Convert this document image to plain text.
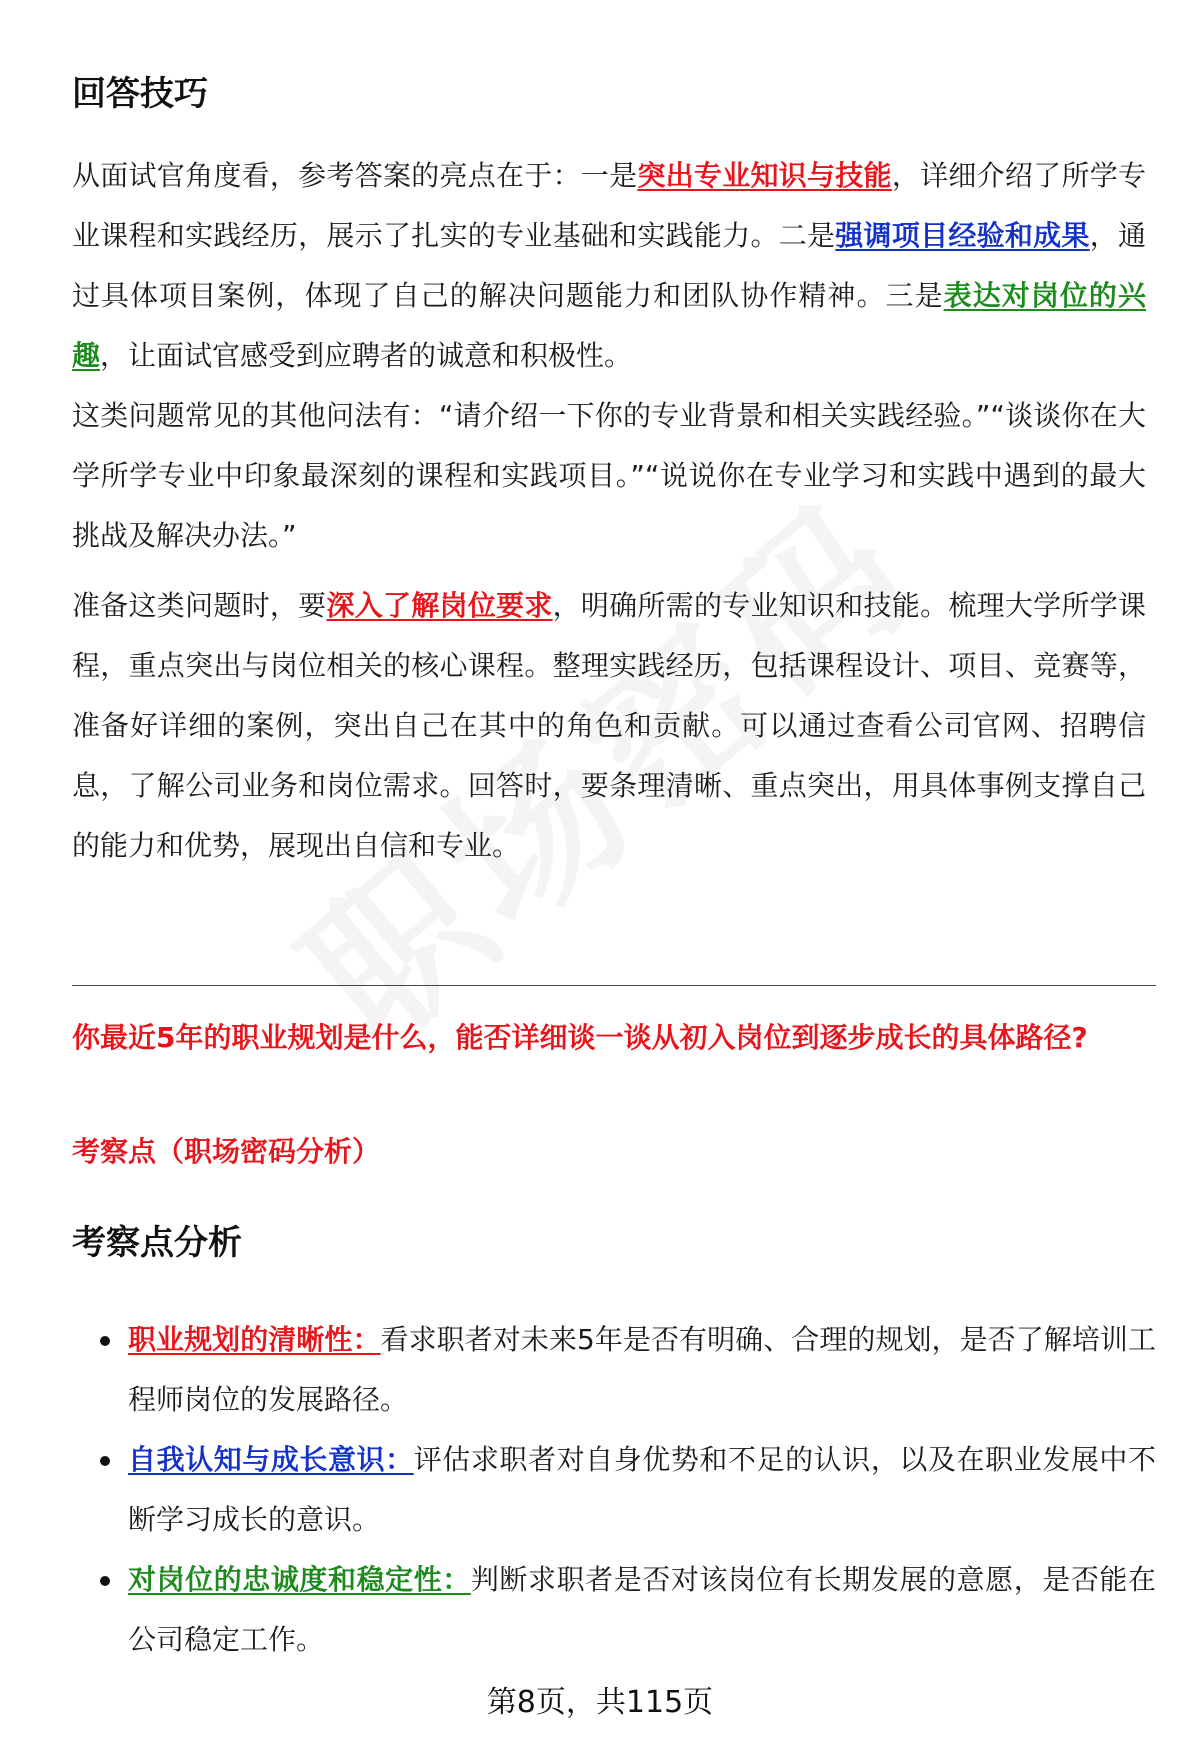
回答技巧
从面试官角度看，参考答案的亮点在于：一是突出专业知识与技能，详细介绍了所学专业课程和实践经历，展示了扎实的专业基础和实践能力。二是强调项目经验和成果，通过具体项目案例，体现了自己的解决问题能力和团队协作精神。三是表达对岗位的兴趣，让面试官感受到应聘者的诚意和积极性。
这类问题常见的其他问法有：“请介绍一下你的专业背景和相关实践经验。”“谈谈你在大学所学专业中印象最深刻的课程和实践项目。”“说说你在专业学习和实践中遇到的最大挑战及解决办法。”
准备这类问题时，要深入了解岗位要求，明确所需的专业知识和技能。梳理大学所学课程，重点突出与岗位相关的核心课程。整理实践经历，包括课程设计、项目、竞赛等，准备好详细的案例，突出自己在其中的角色和贡献。可以通过查看公司官网、招聘信息，了解公司业务和岗位需求。回答时，要条理清晰、重点突出，用具体事例支撑自己的能力和优势，展现出自信和专业。
你最近5年的职业规划是什么，能否详细谈一谈从初入岗位到逐步成长的具体路径?
考察点（职场密码分析）
考察点分析
职业规划的清晰性：看求职者对未来5年是否有明确、合理的规划，是否了解培训工程师岗位的发展路径。
自我认知与成长意识：评估求职者对自身优势和不足的认识，以及在职业发展中不断学习成长的意识。
对岗位的忠诚度和稳定性：判断求职者是否对该岗位有长期发展的意愿，是否能在公司稳定工作。
第8页，共115页
